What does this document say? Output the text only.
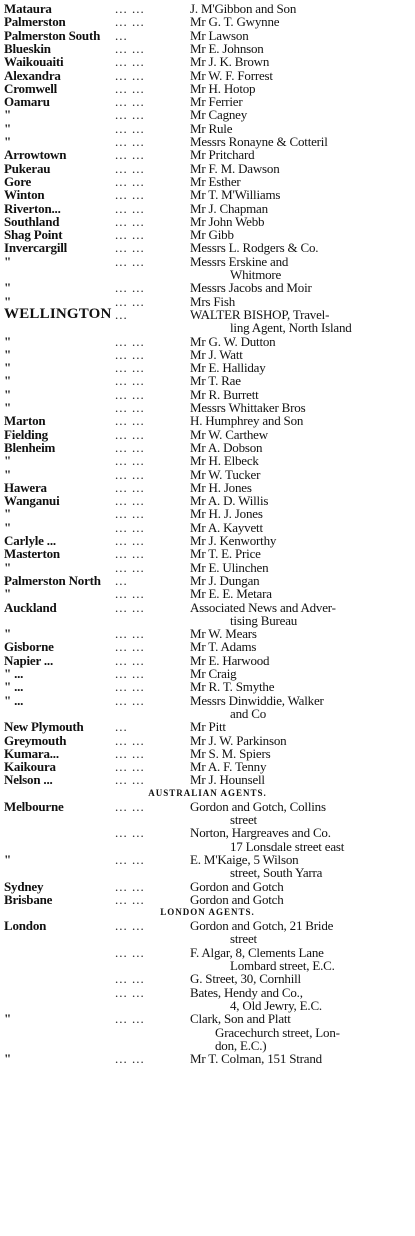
Mataura	... ...	J. M'Gibbon and Son
Palmerston	... ...	Mr G. T. Gwynne
Palmerston South ...	Mr Lawson
Blueskin	... ...	Mr E. Johnson
Waikouaiti	... ...	Mr J. K. Brown
Alexandra	... ...	Mr W. F. Forrest
Cromwell	... ...	Mr H. Hotop
Oamaru	... ...	Mr Ferrier
"	... ...	Mr Cagney
"	... ...	Mr Rule
"	... ...	Messrs Ronayne & Cotteril
Arrowtown	... ...	Mr Pritchard
Pukerau	... ...	Mr F. M. Dawson
Gore	... ...	Mr Esther
Winton	... ...	Mr T. M'Williams
Riverton...	... ...	Mr J. Chapman
Southland	... ...	Mr John Webb
Shag Point	... ...	Mr Gibb
Invercargill	... ...	Messrs L. Rodgers & Co.
"	... ...	Messrs Erskine and
Whitmore
"	... ...	Messrs Jacobs and Moir
"	... ...	Mrs Fish
WELLINGTON ...	WALTER BISHOP, Travel-
ling Agent, North Island
"	... ...	Mr G. W. Dutton
"	... ...	Mr J. Watt
"	... ...	Mr E. Halliday
"	... ...	Mr T. Rae
"	... ...	Mr R. Burrett
"	... ...	Messrs Whittaker Bros
Marton	... ...	H. Humphrey and Son
Fielding	... ...	Mr W. Carthew
Blenheim	... ...	Mr A. Dobson
"	... ...	Mr H. Elbeck
"	... ...	Mr W. Tucker
Hawera	... ...	Mr H. Jones
Wanganui	... ...	Mr A. D. Willis
"	... ...	Mr H. J. Jones
"	... ...	Mr A. Kayvett
Carlyle ...	... ...	Mr J. Kenworthy
Masterton	... ...	Mr T. E. Price
"	... ...	Mr E. Ulinchen
Palmerston North ...	Mr J. Dungan
"	... ...	Mr E. E. Metara
Auckland	... ...	Associated News and Adver-
tising Bureau
"	... ...	Mr W. Mears
Gisborne	... ...	Mr T. Adams
Napier ...	... ...	Mr E. Harwood
" ...	... ...	Mr Craig
" ...	... ...	Mr R. T. Smythe
" ...	... ...	Messrs Dinwiddie, Walker
and Co
New Plymouth ...	Mr Pitt
Greymouth	... ...	Mr J. W. Parkinson
Kumara...	... ...	Mr S. M. Spiers
Kaikoura	... ...	Mr A. F. Tenny
Nelson ...	... ...	Mr J. Hounsell
AUSTRALIAN AGENTS.
Melbourne	... ...	Gordon and Gotch, Collins
street
... ...	Norton, Hargreaves and Co.
17 Lonsdale street east
"	... ...	E. M'Kaige, 5 Wilson
street, South Yarra
Sydney	... ...	Gordon and Gotch
Brisbane	... ...	Gordon and Gotch
LONDON AGENTS.
London	... ...	Gordon and Gotch, 21 Bride
street
... ...	F. Algar, 8, Clements Lane
Lombard street, E.C.
... ...	G. Street, 30, Cornhill
... ...	Bates, Hendy and Co.,
4, Old Jewry, E.C.
"	... ...	Clark, Son and Platt
Gracechurch street, Lon-
don, E.C.)
"	... ...	Mr T. Colman, 151 Strand
